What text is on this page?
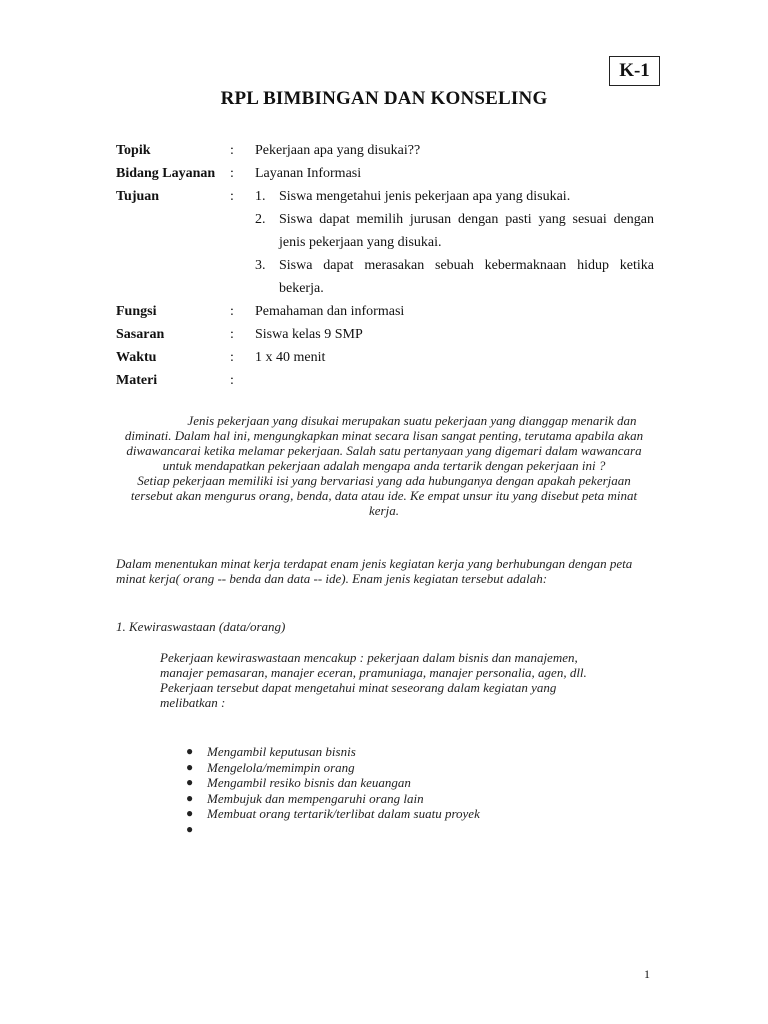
K-1
RPL BIMBINGAN DAN KONSELING
Topik	: Pekerjaan apa yang disukai??
Bidang Layanan : Layanan Informasi
Tujuan	: 1. Siswa mengetahui jenis pekerjaan apa yang disukai.
2. Siswa dapat memilih jurusan dengan pasti yang sesuai dengan jenis pekerjaan yang disukai.
3. Siswa dapat merasakan sebuah kebermaknaan hidup ketika bekerja.
Fungsi	: Pemahaman dan informasi
Sasaran	: Siswa kelas 9 SMP
Waktu	: 1 x 40 menit
Materi	:

Jenis pekerjaan yang disukai merupakan suatu pekerjaan yang dianggap menarik dan diminati. Dalam hal ini, mengungkapkan minat secara lisan sangat penting, terutama apabila akan diwawancarai ketika melamar pekerjaan. Salah satu pertanyaan yang digemari dalam wawancara untuk mendapatkan pekerjaan adalah mengapa anda tertarik dengan pekerjaan ini ?

Setiap pekerjaan memiliki isi yang bervariasi yang ada hubunganya dengan apakah pekerjaan tersebut akan mengurus orang, benda, data atau ide. Ke empat unsur itu yang disebut peta minat kerja.

Dalam menentukan minat kerja terdapat enam jenis kegiatan kerja yang berhubungan dengan peta minat kerja( orang -- benda dan data -- ide). Enam jenis kegiatan tersebut adalah:
1. Kewiraswastaan (data/orang)

Pekerjaan kewiraswastaan mencakup : pekerjaan dalam bisnis dan manajemen, manajer pemasaran, manajer eceran, pramuniaga, manajer personalia, agen, dll.

Pekerjaan tersebut dapat mengetahui minat seseorang dalam kegiatan yang melibatkan :

● Mengambil keputusan bisnis
● Mengelola/memimpin orang
● Mengambil resiko bisnis dan keuangan
● Membujuk dan mempengaruhi orang lain
● Membuat orang tertarik/terlibat dalam suatu proyek
●
1
